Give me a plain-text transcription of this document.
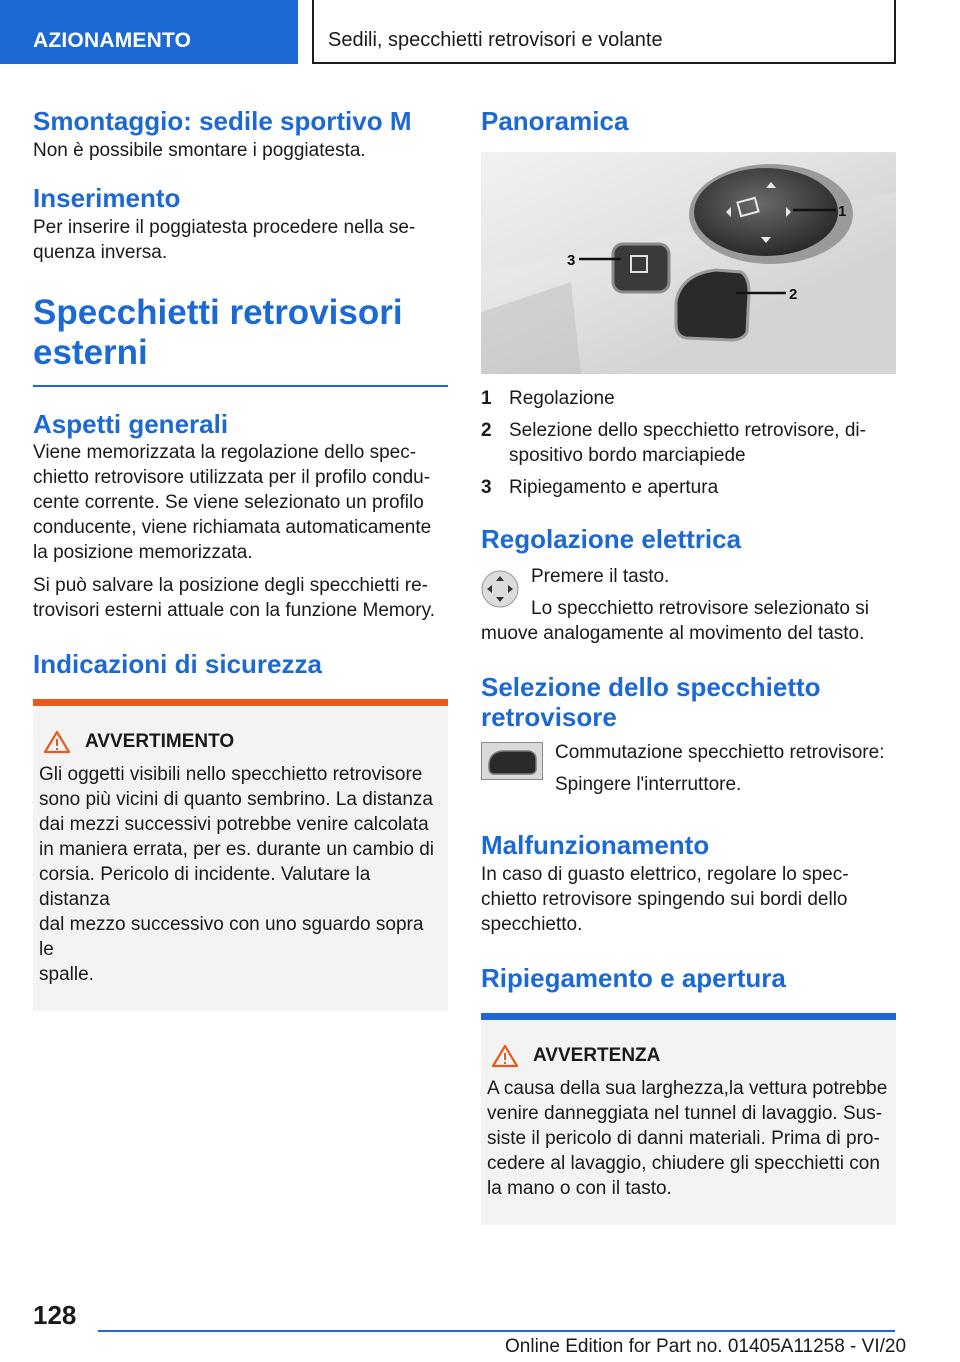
AZIONAMENTO	Sedili, specchietti retrovisori e volante
Smontaggio: sedile sportivo M
Non è possibile smontare i poggiatesta.
Inserimento
Per inserire il poggiatesta procedere nella se‐
quenza inversa.
Specchietti retrovisori
esterni
Aspetti generali
Viene memorizzata la regolazione dello spec‐
chietto retrovisore utilizzata per il profilo condu‐
cente corrente. Se viene selezionato un profilo
conducente, viene richiamata automaticamente
la posizione memorizzata.
Si può salvare la posizione degli specchietti re‐
trovisori esterni attuale con la funzione Memory.
Indicazioni di sicurezza
AVVERTIMENTO
Gli oggetti visibili nello specchietto retrovisore
sono più vicini di quanto sembrino. La distanza
dai mezzi successivi potrebbe venire calcolata
in maniera errata, per es. durante un cambio di
corsia. Pericolo di incidente. Valutare la distanza
dal mezzo successivo con uno sguardo sopra le
spalle.
Panoramica
1
2
3
1 Regolazione
2 Selezione dello specchietto retrovisore, di‐
spositivo bordo marciapiede
3 Ripiegamento e apertura
Regolazione elettrica
Premere il tasto.
Lo specchietto retrovisore selezionato si
muove analogamente al movimento del tasto.
Selezione dello specchietto
retrovisore
Commutazione specchietto retrovisore:
Spingere l'interruttore.
Malfunzionamento
In caso di guasto elettrico, regolare lo spec‐
chietto retrovisore spingendo sui bordi dello
specchietto.
Ripiegamento e apertura
AVVERTENZA
A causa della sua larghezza,la vettura potrebbe
venire danneggiata nel tunnel di lavaggio. Sus‐
siste il pericolo di danni materiali. Prima di pro‐
cedere al lavaggio, chiudere gli specchietti con
la mano o con il tasto.
128
Online Edition for Part no. 01405A11258 - VI/20
